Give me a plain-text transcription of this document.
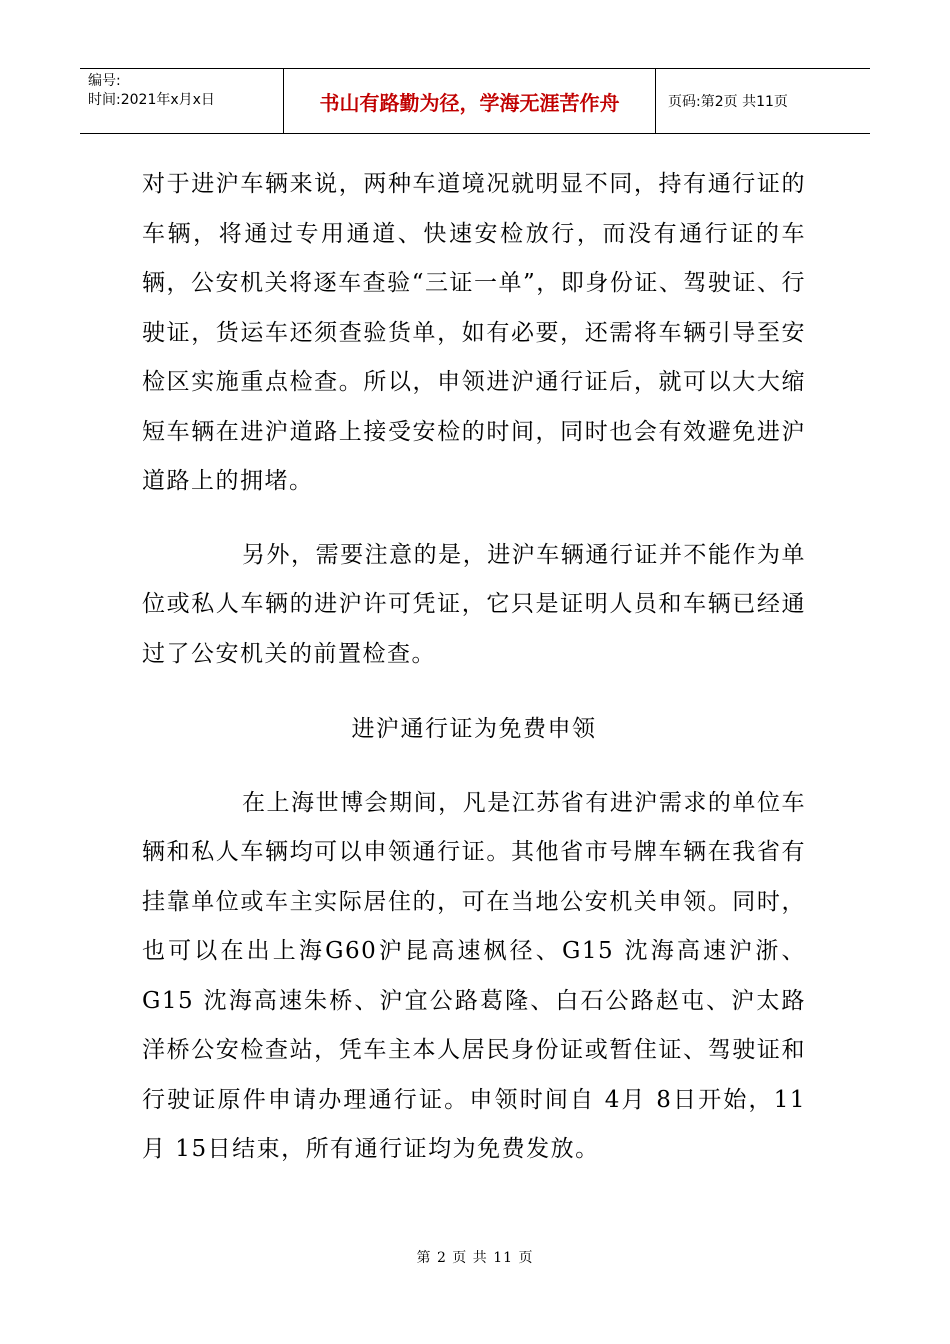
编号:
时间:2021年x月x日	书山有路勤为径，学海无涯苦作舟	页码:第2页 共11页

对于进沪车辆来说，两种车道境况就明显不同，持有通行证的车辆，将通过专用通道、快速安检放行，而没有通行证的车辆，公安机关将逐车查验“三证一单”，即身份证、驾驶证、行驶证，货运车还须查验货单，如有必要，还需将车辆引导至安检区实施重点检查。所以，申领进沪通行证后，就可以大大缩短车辆在进沪道路上接受安检的时间，同时也会有效避免进沪道路上的拥堵。

另外，需要注意的是，进沪车辆通行证并不能作为单位或私人车辆的进沪许可凭证，它只是证明人员和车辆已经通过了公安机关的前置检查。

进沪通行证为免费申领

在上海世博会期间，凡是江苏省有进沪需求的单位车辆和私人车辆均可以申领通行证。其他省市号牌车辆在我省有挂靠单位或车主实际居住的，可在当地公安机关申领。同时，也可以在出上海G60沪昆高速枫径、G15 沈海高速沪浙、G15 沈海高速朱桥、沪宜公路葛隆、白石公路赵屯、沪太路洋桥公安检查站，凭车主本人居民身份证或暂住证、驾驶证和行驶证原件申请办理通行证。申领时间自 4月 8日开始，11月 15日结束，所有通行证均为免费发放。

第 2 页 共 11 页
